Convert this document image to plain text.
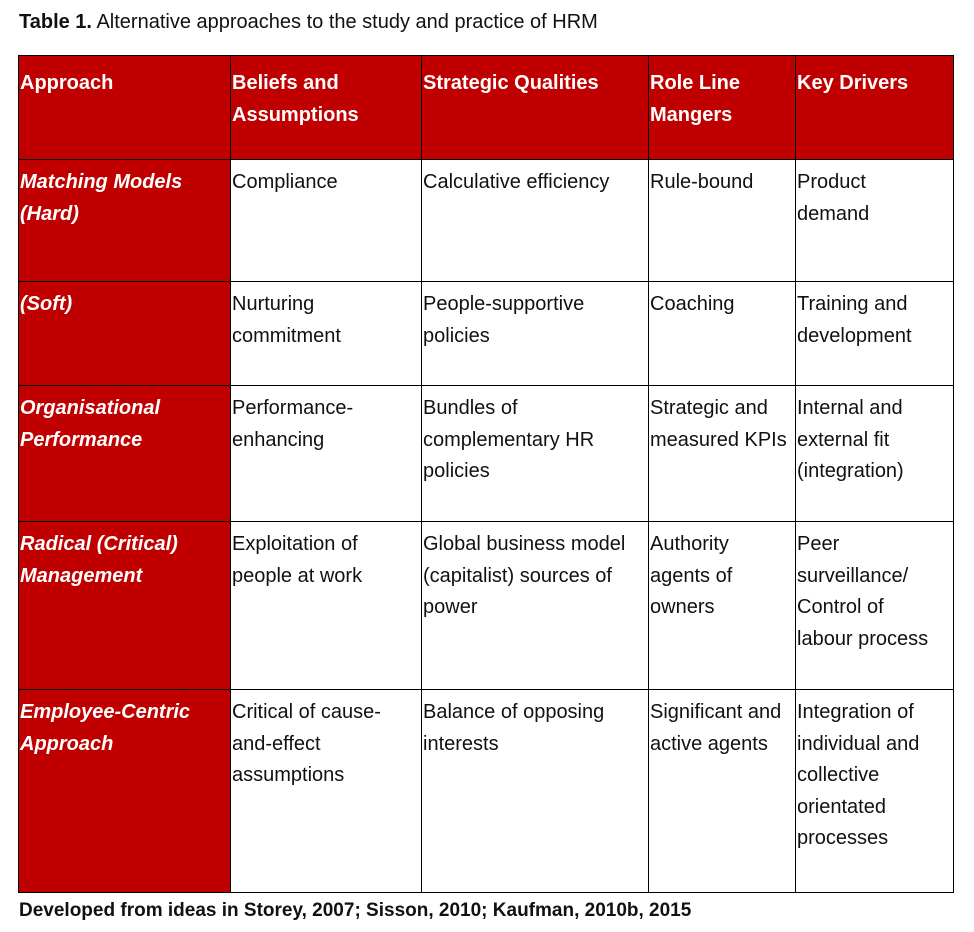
Table 1. Alternative approaches to the study and practice of HRM
Approach	Beliefs and
Assumptions	Strategic Qualities	Role Line
Mangers	Key Drivers

Matching Models
(Hard)	Compliance	Calculative efficiency	Rule-bound	Product
demand

(Soft)	Nurturing
commitment	People-supportive
policies	Coaching	Training and
development

Organisational
Performance	Performance-
enhancing	Bundles of
complementary HR
policies	Strategic and
measured KPIs	Internal and
external fit
(integration)

Radical (Critical)
Management	Exploitation of
people at work	Global business model
(capitalist) sources of
power	Authority
agents of
owners	Peer
surveillance/
Control of
labour process

Employee-Centric
Approach	Critical of cause-
and-effect
assumptions	Balance of opposing
interests	Significant and
active agents	Integration of
individual and
collective
orientated
processes
Developed from ideas in Storey, 2007; Sisson, 2010; Kaufman, 2010b, 2015
